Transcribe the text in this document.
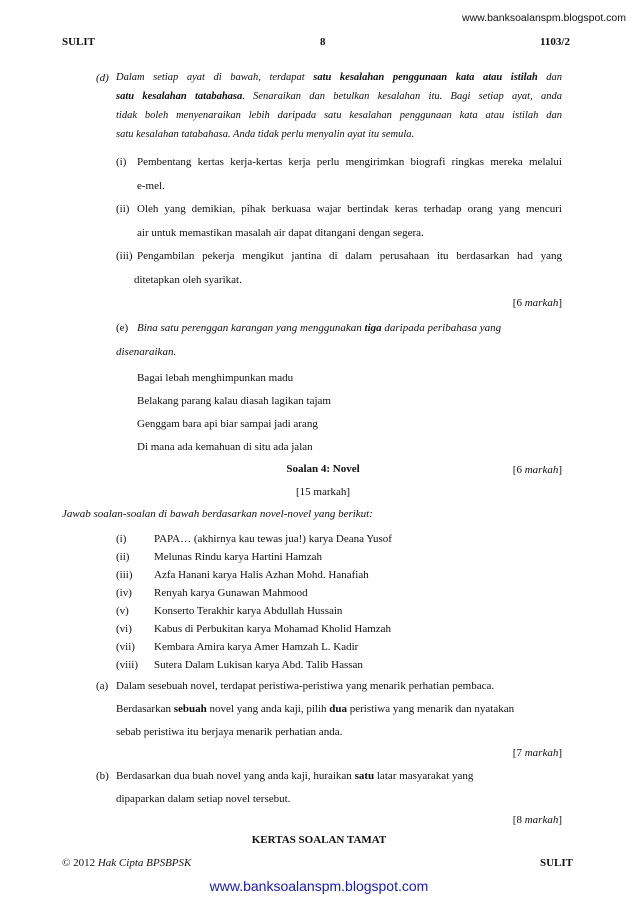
www.banksoalanspm.blogspot.com
SULIT	8	1103/2
(d) Dalam setiap ayat di bawah, terdapat satu kesalahan penggunaan kata atau istilah dan
satu kesalahan tatabahasa. Senaraikan dan betulkan kesalahan itu. Bagi setiap ayat, anda
tidak boleh menyenaraikan lebih daripada satu kesalahan penggunaan kata atau istilah dan
satu kesalahan tatabahasa. Anda tidak perlu menyalin ayat itu semula.
(i) Pembentang kertas kerja-kertas kerja perlu mengirimkan biografi ringkas mereka melalui
e-mel.
(ii) Oleh yang demikian, pihak berkuasa wajar bertindak keras terhadap orang yang mencuri
air untuk memastikan masalah air dapat ditangani dengan segera.
(iii) Pengambilan pekerja mengikut jantina di dalam perusahaan itu berdasarkan had yang
ditetapkan oleh syarikat.
[6 markah]
(e) Bina satu perenggan karangan yang menggunakan tiga daripada peribahasa yang
disenaraikan.
Bagai lebah menghimpunkan madu
Belakang parang kalau diasah lagikan tajam
Genggam bara api biar sampai jadi arang
Di mana ada kemahuan di situ ada jalan
[6 markah]
Soalan 4: Novel
[15 markah]
Jawab soalan-soalan di bawah berdasarkan novel-novel yang berikut:
(i)	PAPA… (akhirnya kau tewas jua!) karya Deana Yusof
(ii) Melunas Rindu karya Hartini Hamzah
(iii) Azfa Hanani karya Halis Azhan Mohd. Hanafiah
(iv) Renyah karya Gunawan Mahmood
(v) Konserto Terakhir karya Abdullah Hussain
(vi) Kabus di Perbukitan karya Mohamad Kholid Hamzah
(vii) Kembara Amira karya Amer Hamzah L. Kadir
(viii) Sutera Dalam Lukisan karya Abd. Talib Hassan
(a) Dalam sesebuah novel, terdapat peristiwa-peristiwa yang menarik perhatian pembaca.
Berdasarkan sebuah novel yang anda kaji, pilih dua peristiwa yang menarik dan nyatakan
sebab peristiwa itu berjaya menarik perhatian anda.
[7 markah]
(b) Berdasarkan dua buah novel yang anda kaji, huraikan satu latar masyarakat yang
dipaparkan dalam setiap novel tersebut.
[8 markah]
KERTAS SOALAN TAMAT
© 2012 Hak Cipta BPSBPSK	SULIT
www.banksoalanspm.blogspot.com
